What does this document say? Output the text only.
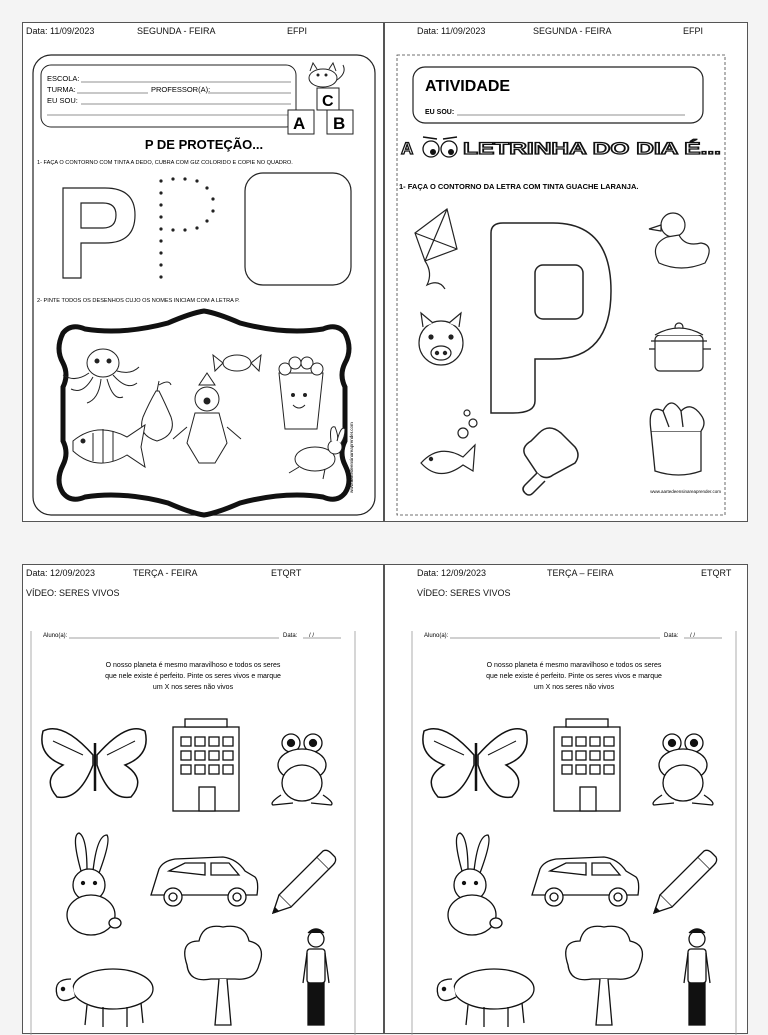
Data: 11/09/2023	SEGUNDA - FEIRA	EFPI
ESCOLA:
TURMA:	PROFESSOR(A):
EU SOU:	C
A B
P DE PROTEÇÃO...
1- FAÇA O CONTORNO COM TINTA A DEDO, CUBRA COM GIZ COLORIDO E COPIE NO QUADRO.
2- PINTE TODOS OS DESENHOS CUJO OS NOMES INICIAM COM A LETRA P.
www.aartedeensinareaprender.com
Data: 11/09/2023	SEGUNDA - FEIRA	EFPI
ATIVIDADE
EU SOU:
A	LETRINHA DO DIA É...
1- FAÇA O CONTORNO DA LETRA COM TINTA GUACHE LARANJA.
www.aartedeensinareaprender.com
Data: 12/09/2023	TERÇA - FEIRA	ETQRT
VÍDEO: SERES VIVOS
Aluno(a):	Data: / /
O nosso planeta é mesmo maravilhoso e todos os seres
que nele existe é perfeito. Pinte os seres vivos e marque
um X nos seres não vivos
Data: 12/09/2023	TERÇA – FEIRA	ETQRT
VÍDEO: SERES VIVOS
Aluno(a):	Data: / /
O nosso planeta é mesmo maravilhoso e todos os seres
que nele existe é perfeito. Pinte os seres vivos e marque
um X nos seres não vivos
